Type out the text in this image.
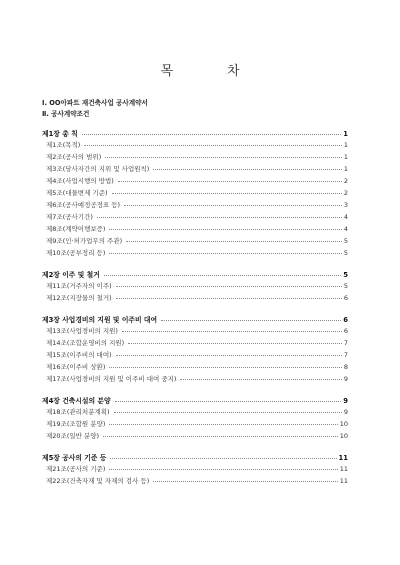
목	차
Ⅰ. OO아파트 재건축사업 공사계약서
Ⅱ. 공사계약조건
제1장 총 칙	1
제1조(목적)	1
제2조(공사의 범위)	1
제3조(당사자간의 지위 및 사업원칙)	1
제4조(사업시행의 방법)	2
제5조(대물변제 기준)	2
제6조(공사예정공정표 등)	3
제7조(공사기간)	4
제8조(계약이행보증)	4
제9조(인·허가업무의 주관)	5
제10조(공부정리 등)	5
제2장 이주 및 철거	5
제11조(거주자의 이주)	5
제12조(지장물의 철거)	6
제3장 사업경비의 지원 및 이주비 대여	6
제13조(사업경비의 지원)	6
제14조(조합운영비의 지원)	7
제15조(이주비의 대여)	7
제16조(이주비 상환)	8
제17조(사업경비의 지원 및 이주비 대여 중지)	9
제4장 건축시설의 분양	9
제18조(관리처분계획)	9
제19조(조합원 분양)	10
제20조(일반 분양)	10
제5장 공사의 기준 등	11
제21조(공사의 기준)	11
제22조(건축자재 및 자재의 검사 등)	11
